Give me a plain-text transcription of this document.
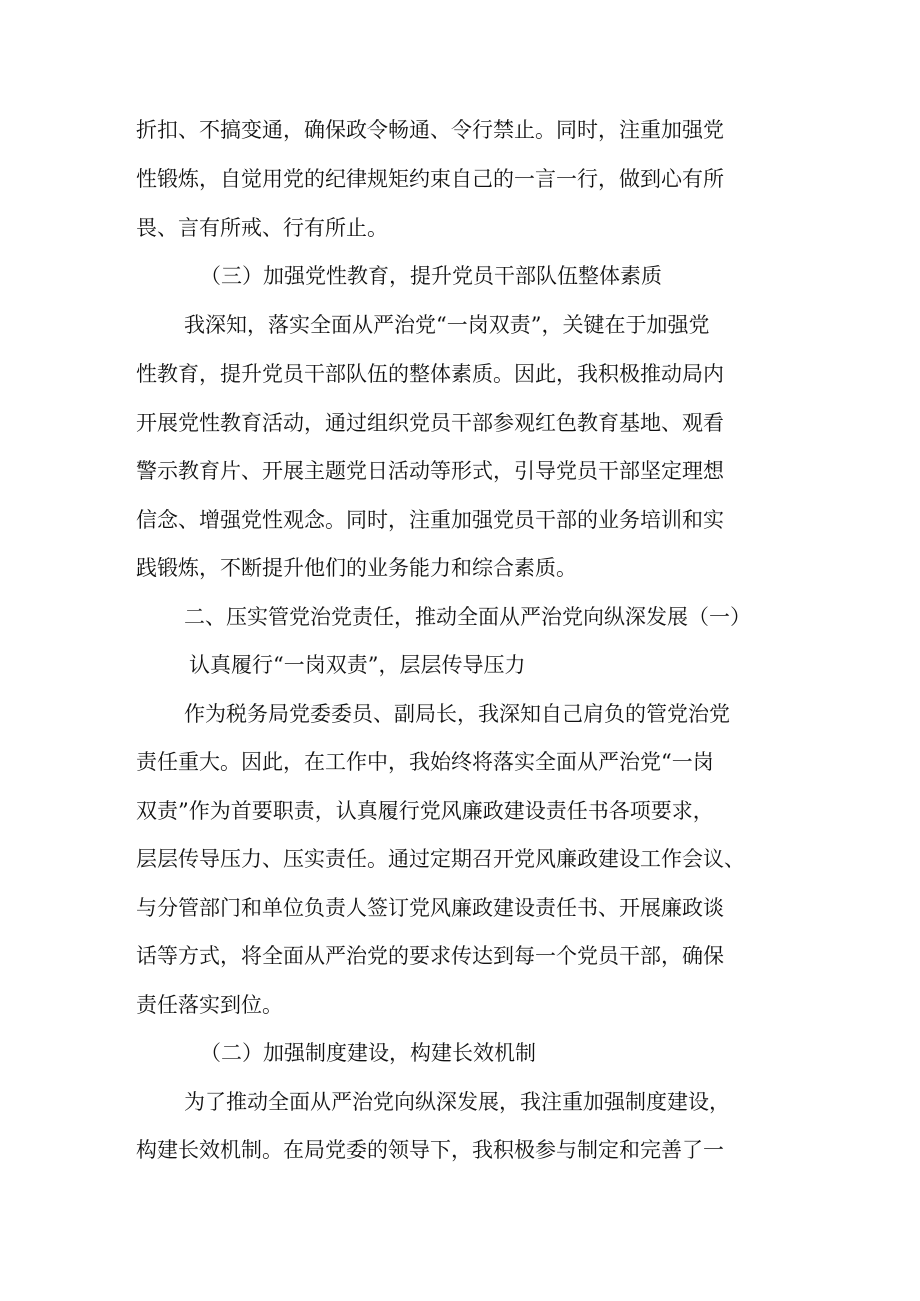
折扣、不搞变通，确保政令畅通、令行禁止。同时，注重加强党
性锻炼，自觉用党的纪律规矩约束自己的一言一行，做到心有所
畏、言有所戒、行有所止。
（三）加强党性教育，提升党员干部队伍整体素质
我深知，落实全面从严治党“一岗双责”，关键在于加强党
性教育，提升党员干部队伍的整体素质。因此，我积极推动局内
开展党性教育活动，通过组织党员干部参观红色教育基地、观看
警示教育片、开展主题党日活动等形式，引导党员干部坚定理想
信念、增强党性观念。同时，注重加强党员干部的业务培训和实
践锻炼，不断提升他们的业务能力和综合素质。
二、压实管党治党责任，推动全面从严治党向纵深发展（一）
认真履行“一岗双责”，层层传导压力
作为税务局党委委员、副局长，我深知自己肩负的管党治党
责任重大。因此，在工作中，我始终将落实全面从严治党“一岗
双责”作为首要职责，认真履行党风廉政建设责任书各项要求，
层层传导压力、压实责任。通过定期召开党风廉政建设工作会议、
与分管部门和单位负责人签订党风廉政建设责任书、开展廉政谈
话等方式，将全面从严治党的要求传达到每一个党员干部，确保
责任落实到位。
（二）加强制度建设，构建长效机制
为了推动全面从严治党向纵深发展，我注重加强制度建设，
构建长效机制。在局党委的领导下，我积极参与制定和完善了一
